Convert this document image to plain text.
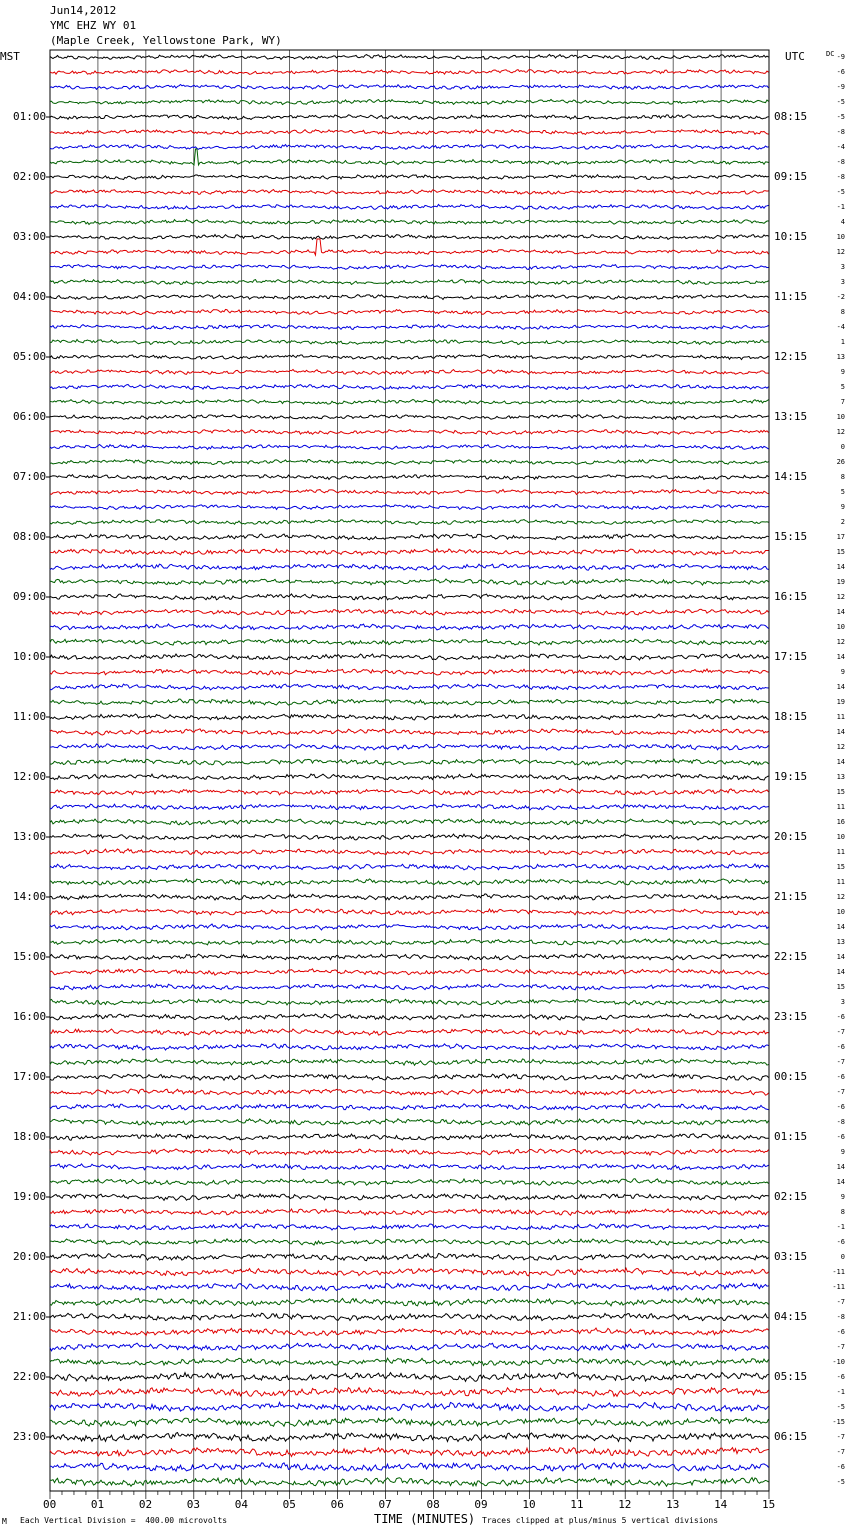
Jun14,2012
YMC EHZ WY 01
(Maple Creek, Yellowstone Park, WY)
MST	UTC	DC
01:00
02:00
03:00
04:00
05:00
06:00
07:00
08:00
09:00
10:00
11:00
12:00
13:00
14:00
15:00
16:00
17:00
18:00
19:00
20:00
21:00
22:00
23:00
08:15
09:15
10:15
11:15
12:15
13:15
14:15
15:15
16:15
17:15
18:15
19:15
20:15
21:15
22:15
23:15
00:15
01:15
02:15
03:15
04:15
05:15
06:15
-9
-6
-9
-5
-5
-8
-4
-8
-8
-5
-1
4
10
12
3
3
-2
8
-4
1
13
9
5
7
10
12
0
26
8
5
9
2
17
15
14
19
12
14
10
12
14
9
14
19
11
14
12
14
13
15
11
16
10
11
15
11
12
10
14
13
14
14
15
3
-6
-7
-6
-7
-6
-7
-6
-8
-6
9
14
14
9
8
-1
-6
0
-11
-11
-7
-8
-6
-7
-10
-6
-1
-5
-15
-7
-7
-6
-5
00	01	02	03	04	05	06	07	08	09	10	11	12	13	14	15
TIME (MINUTES)
M Each Vertical Division =  400.00 microvolts	Traces clipped at plus/minus 5 vertical divisions
